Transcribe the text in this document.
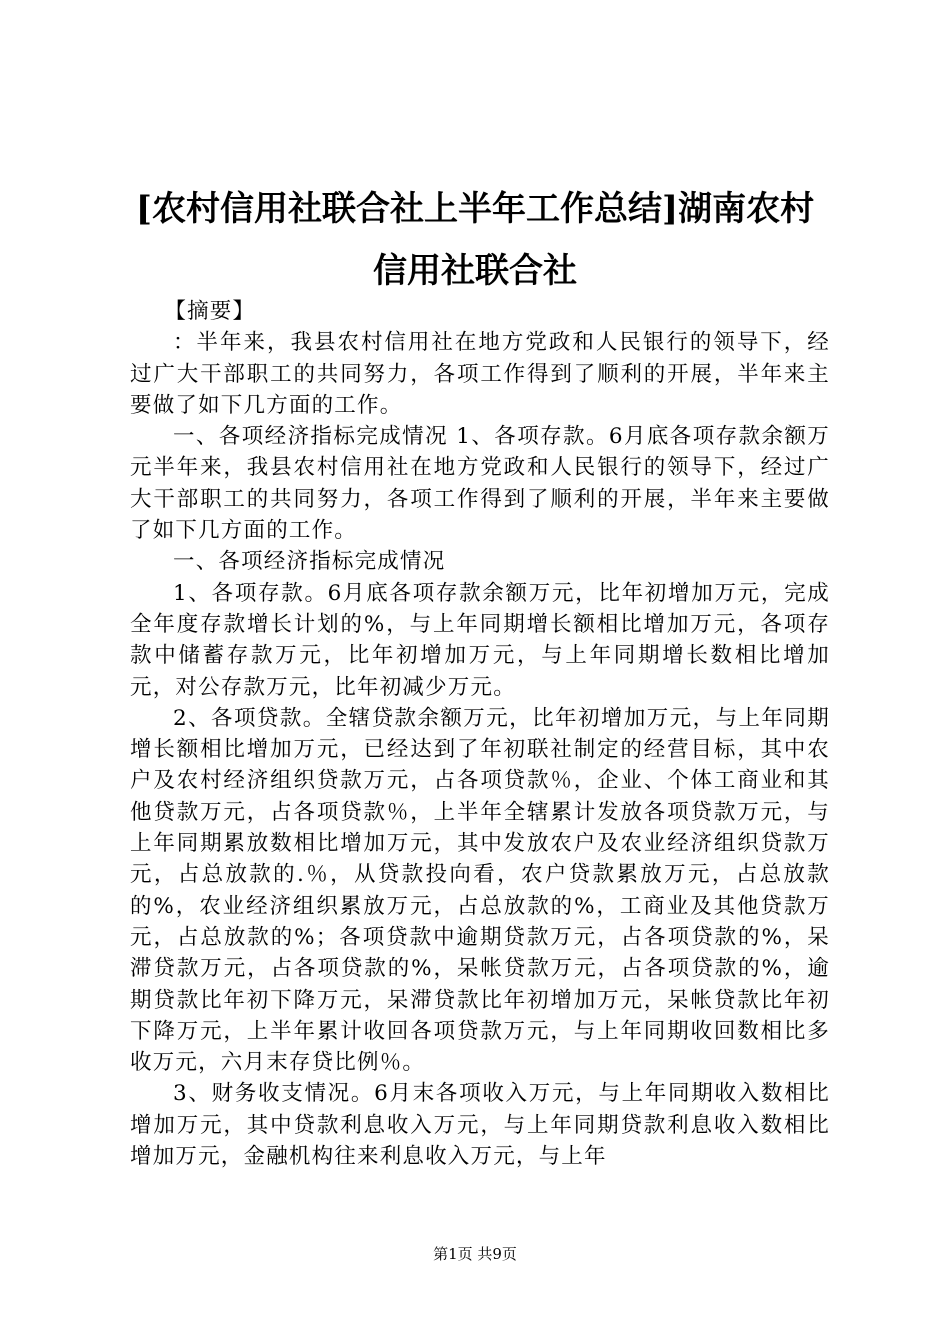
[农村信用社联合社上半年工作总结]湖南农村信用社联合社

【摘要】

：半年来，我县农村信用社在地方党政和人民银行的领导下，经过广大干部职工的共同努力，各项工作得到了顺利的开展，半年来主要做了如下几方面的工作。

一、各项经济指标完成情况 1、各项存款。6月底各项存款余额万元半年来，我县农村信用社在地方党政和人民银行的领导下，经过广大干部职工的共同努力，各项工作得到了顺利的开展，半年来主要做了如下几方面的工作。

一、各项经济指标完成情况

1、各项存款。6月底各项存款余额万元，比年初增加万元，完成全年度存款增长计划的%，与上年同期增长额相比增加万元，各项存款中储蓄存款万元，比年初增加万元，与上年同期增长数相比增加元，对公存款万元，比年初减少万元。

2、各项贷款。全辖贷款余额万元，比年初增加万元，与上年同期增长额相比增加万元，已经达到了年初联社制定的经营目标，其中农户及农村经济组织贷款万元，占各项贷款％，企业、个体工商业和其他贷款万元，占各项贷款％，上半年全辖累计发放各项贷款万元，与上年同期累放数相比增加万元，其中发放农户及农业经济组织贷款万元，占总放款的.％，从贷款投向看，农户贷款累放万元，占总放款的%，农业经济组织累放万元，占总放款的%，工商业及其他贷款万元，占总放款的%；各项贷款中逾期贷款万元，占各项贷款的%，呆滞贷款万元，占各项贷款的%，呆帐贷款万元，占各项贷款的%，逾期贷款比年初下降万元，呆滞贷款比年初增加万元，呆帐贷款比年初下降万元，上半年累计收回各项贷款万元，与上年同期收回数相比多收万元，六月末存贷比例％。

3、财务收支情况。6月末各项收入万元，与上年同期收入数相比增加万元，其中贷款利息收入万元，与上年同期贷款利息收入数相比增加万元，金融机构往来利息收入万元，与上年

第1页 共9页
